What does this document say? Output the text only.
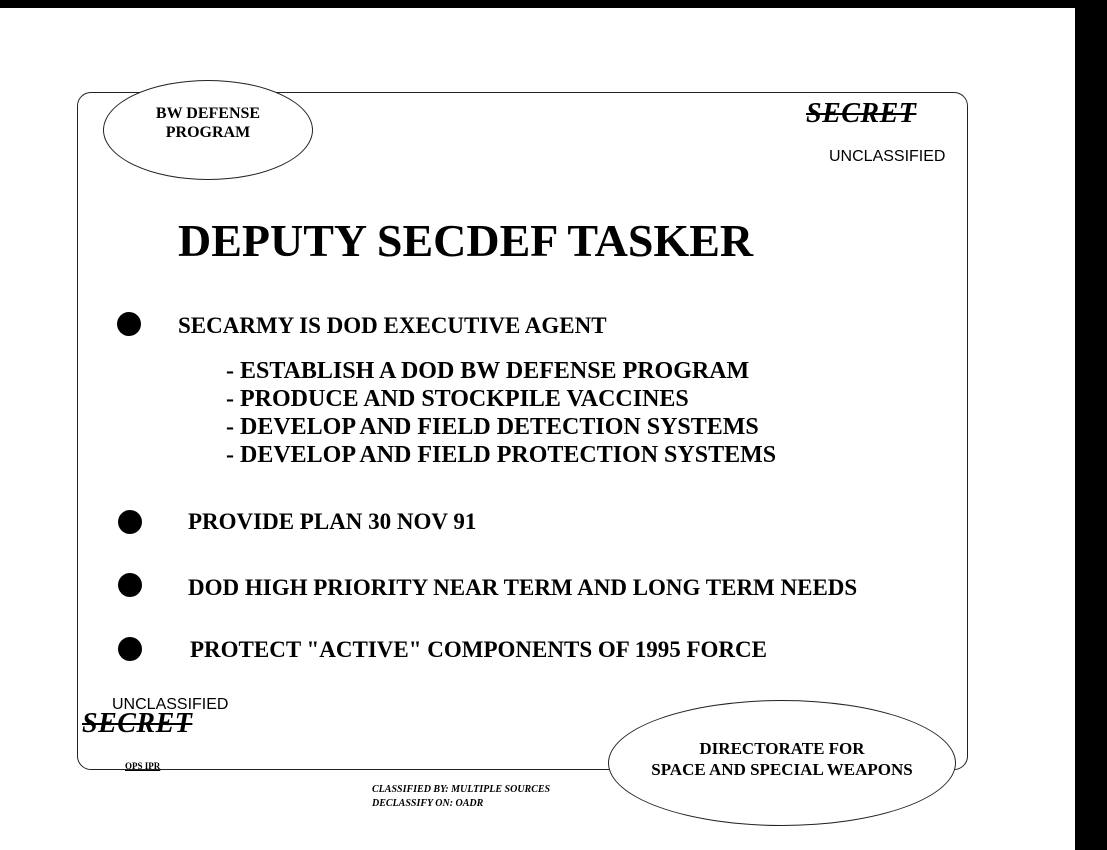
BW DEFENSE
PROGRAM
SECRET
UNCLASSIFIED
DEPUTY SECDEF TASKER
SECARMY IS DOD EXECUTIVE AGENT
- ESTABLISH A DOD BW DEFENSE PROGRAM
- PRODUCE AND STOCKPILE VACCINES
- DEVELOP AND FIELD DETECTION SYSTEMS
- DEVELOP AND FIELD PROTECTION SYSTEMS
PROVIDE PLAN 30 NOV 91
DOD HIGH PRIORITY NEAR TERM AND LONG TERM NEEDS
PROTECT "ACTIVE" COMPONENTS OF 1995 FORCE
UNCLASSIFIED
SECRET
OPS IPR
DIRECTORATE FOR
SPACE AND SPECIAL WEAPONS
CLASSIFIED BY: MULTIPLE SOURCES
DECLASSIFY ON: OADR
